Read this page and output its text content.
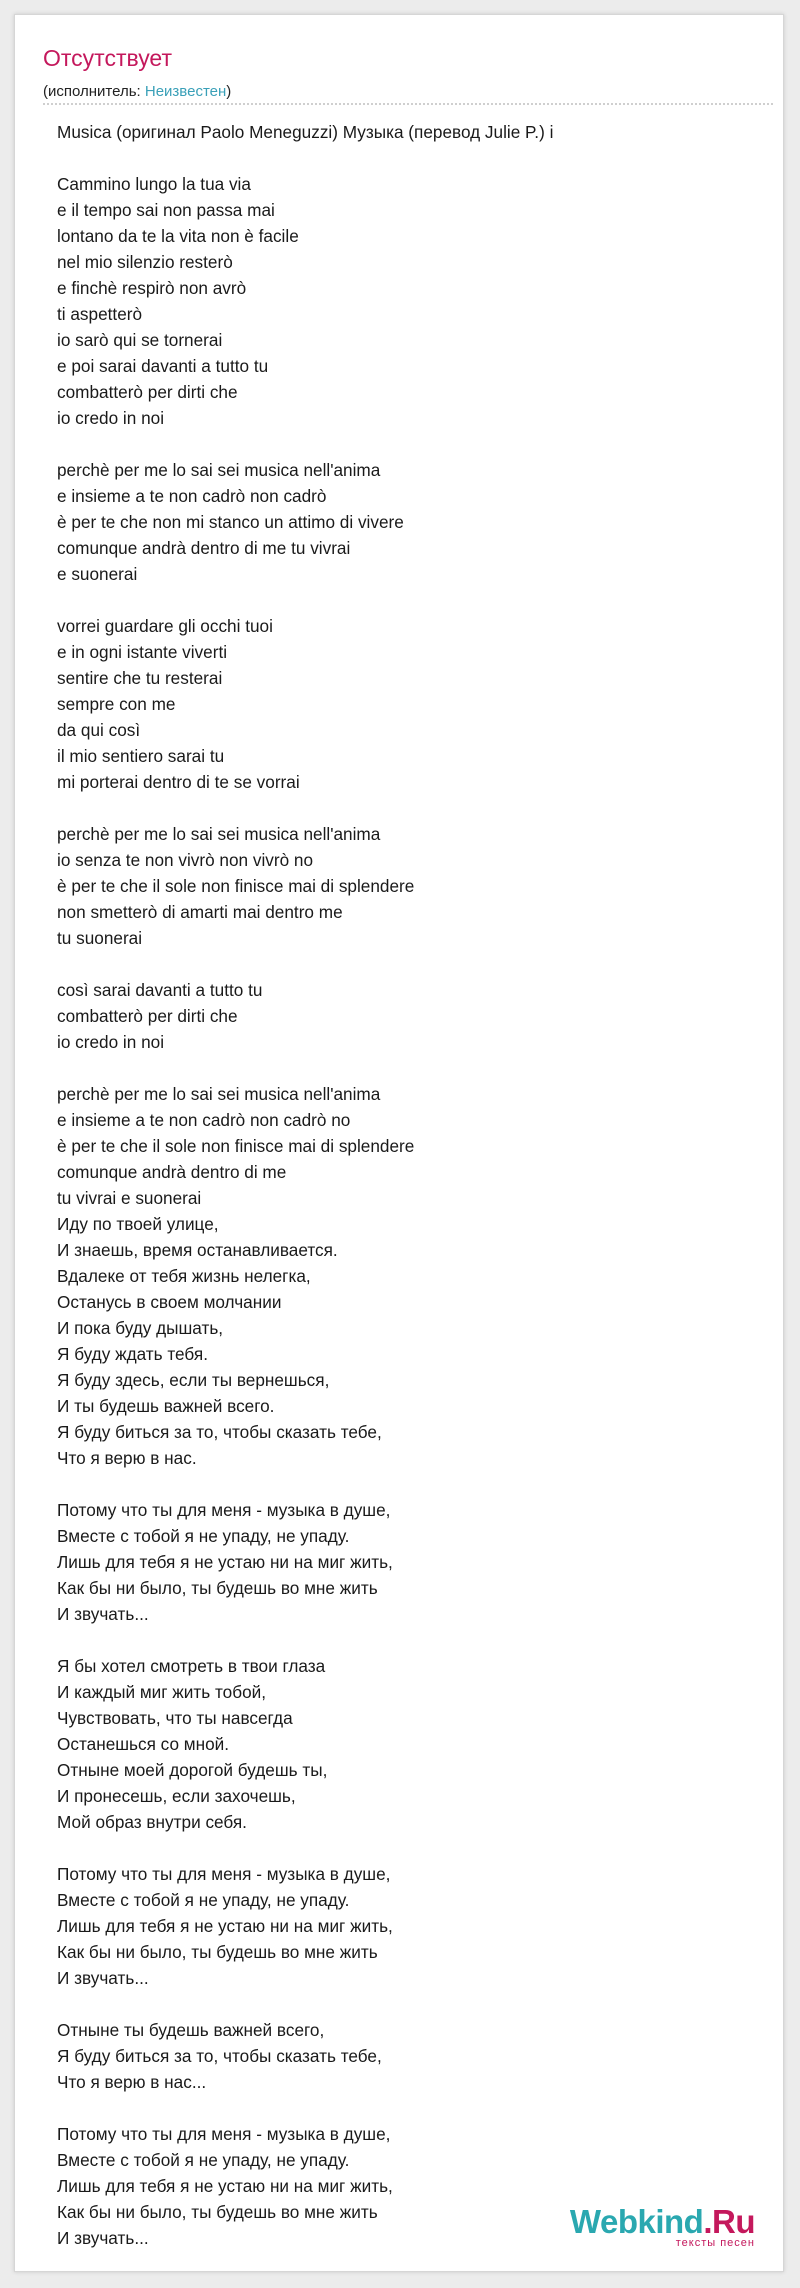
Отсутствует
(исполнитель: Неизвестен)
Musica (оригинал Paolo Meneguzzi) Музыка (перевод Julie P.) i
Cammino lungo la tua via
e il tempo sai non passa mai
lontano da te la vita non è facile
nel mio silenzio resterò
e finchè respirò non avrò
ti aspetterò
io sarò qui se tornerai
e poi sarai davanti a tutto tu
combatterò per dirti che
io credo in noi
perchè per me lo sai sei musica nell'anima
e insieme a te non cadrò non cadrò
è per te che non mi stanco un attimo di vivere
comunque andrà dentro di me tu vivrai
e suonerai
vorrei guardare gli occhi tuoi
e in ogni istante viverti
sentire che tu resterai
sempre con me
da qui così
il mio sentiero sarai tu
mi porterai dentro di te se vorrai
perchè per me lo sai sei musica nell'anima
io senza te non vivrò non vivrò no
è per te che il sole non finisce mai di splendere
non smetterò di amarti mai dentro me
tu suonerai
così sarai davanti a tutto tu
combatterò per dirti che
io credo in noi
perchè per me lo sai sei musica nell'anima
e insieme a te non cadrò non cadrò no
è per te che il sole non finisce mai di splendere
comunque andrà dentro di me
tu vivrai e suonerai
Иду по твоей улице,
И знаешь, время останавливается.
Вдалеке от тебя жизнь нелегка,
Останусь в своем молчании
И пока буду дышать,
Я буду ждать тебя.
Я буду здесь, если ты вернешься,
И ты будешь важней всего.
Я буду биться за то, чтобы сказать тебе,
Что я верю в нас.
Потому что ты для меня - музыка в душе,
Вместе с тобой я не упаду, не упаду.
Лишь для тебя я не устаю ни на миг жить,
Как бы ни было, ты будешь во мне жить
И звучать...
Я бы хотел смотреть в твои глаза
И каждый миг жить тобой,
Чувствовать, что ты навсегда
Останешься со мной.
Отныне моей дорогой будешь ты,
И пронесешь, если захочешь,
Мой образ внутри себя.
Потому что ты для меня - музыка в душе,
Вместе с тобой я не упаду, не упаду.
Лишь для тебя я не устаю ни на миг жить,
Как бы ни было, ты будешь во мне жить
И звучать...
Отныне ты будешь важней всего,
Я буду биться за то, чтобы сказать тебе,
Что я верю в нас...
Потому что ты для меня - музыка в душе,
Вместе с тобой я не упаду, не упаду.
Лишь для тебя я не устаю ни на миг жить,
Как бы ни было, ты будешь во мне жить
И звучать...	Webkind.Ru
тексты песен
